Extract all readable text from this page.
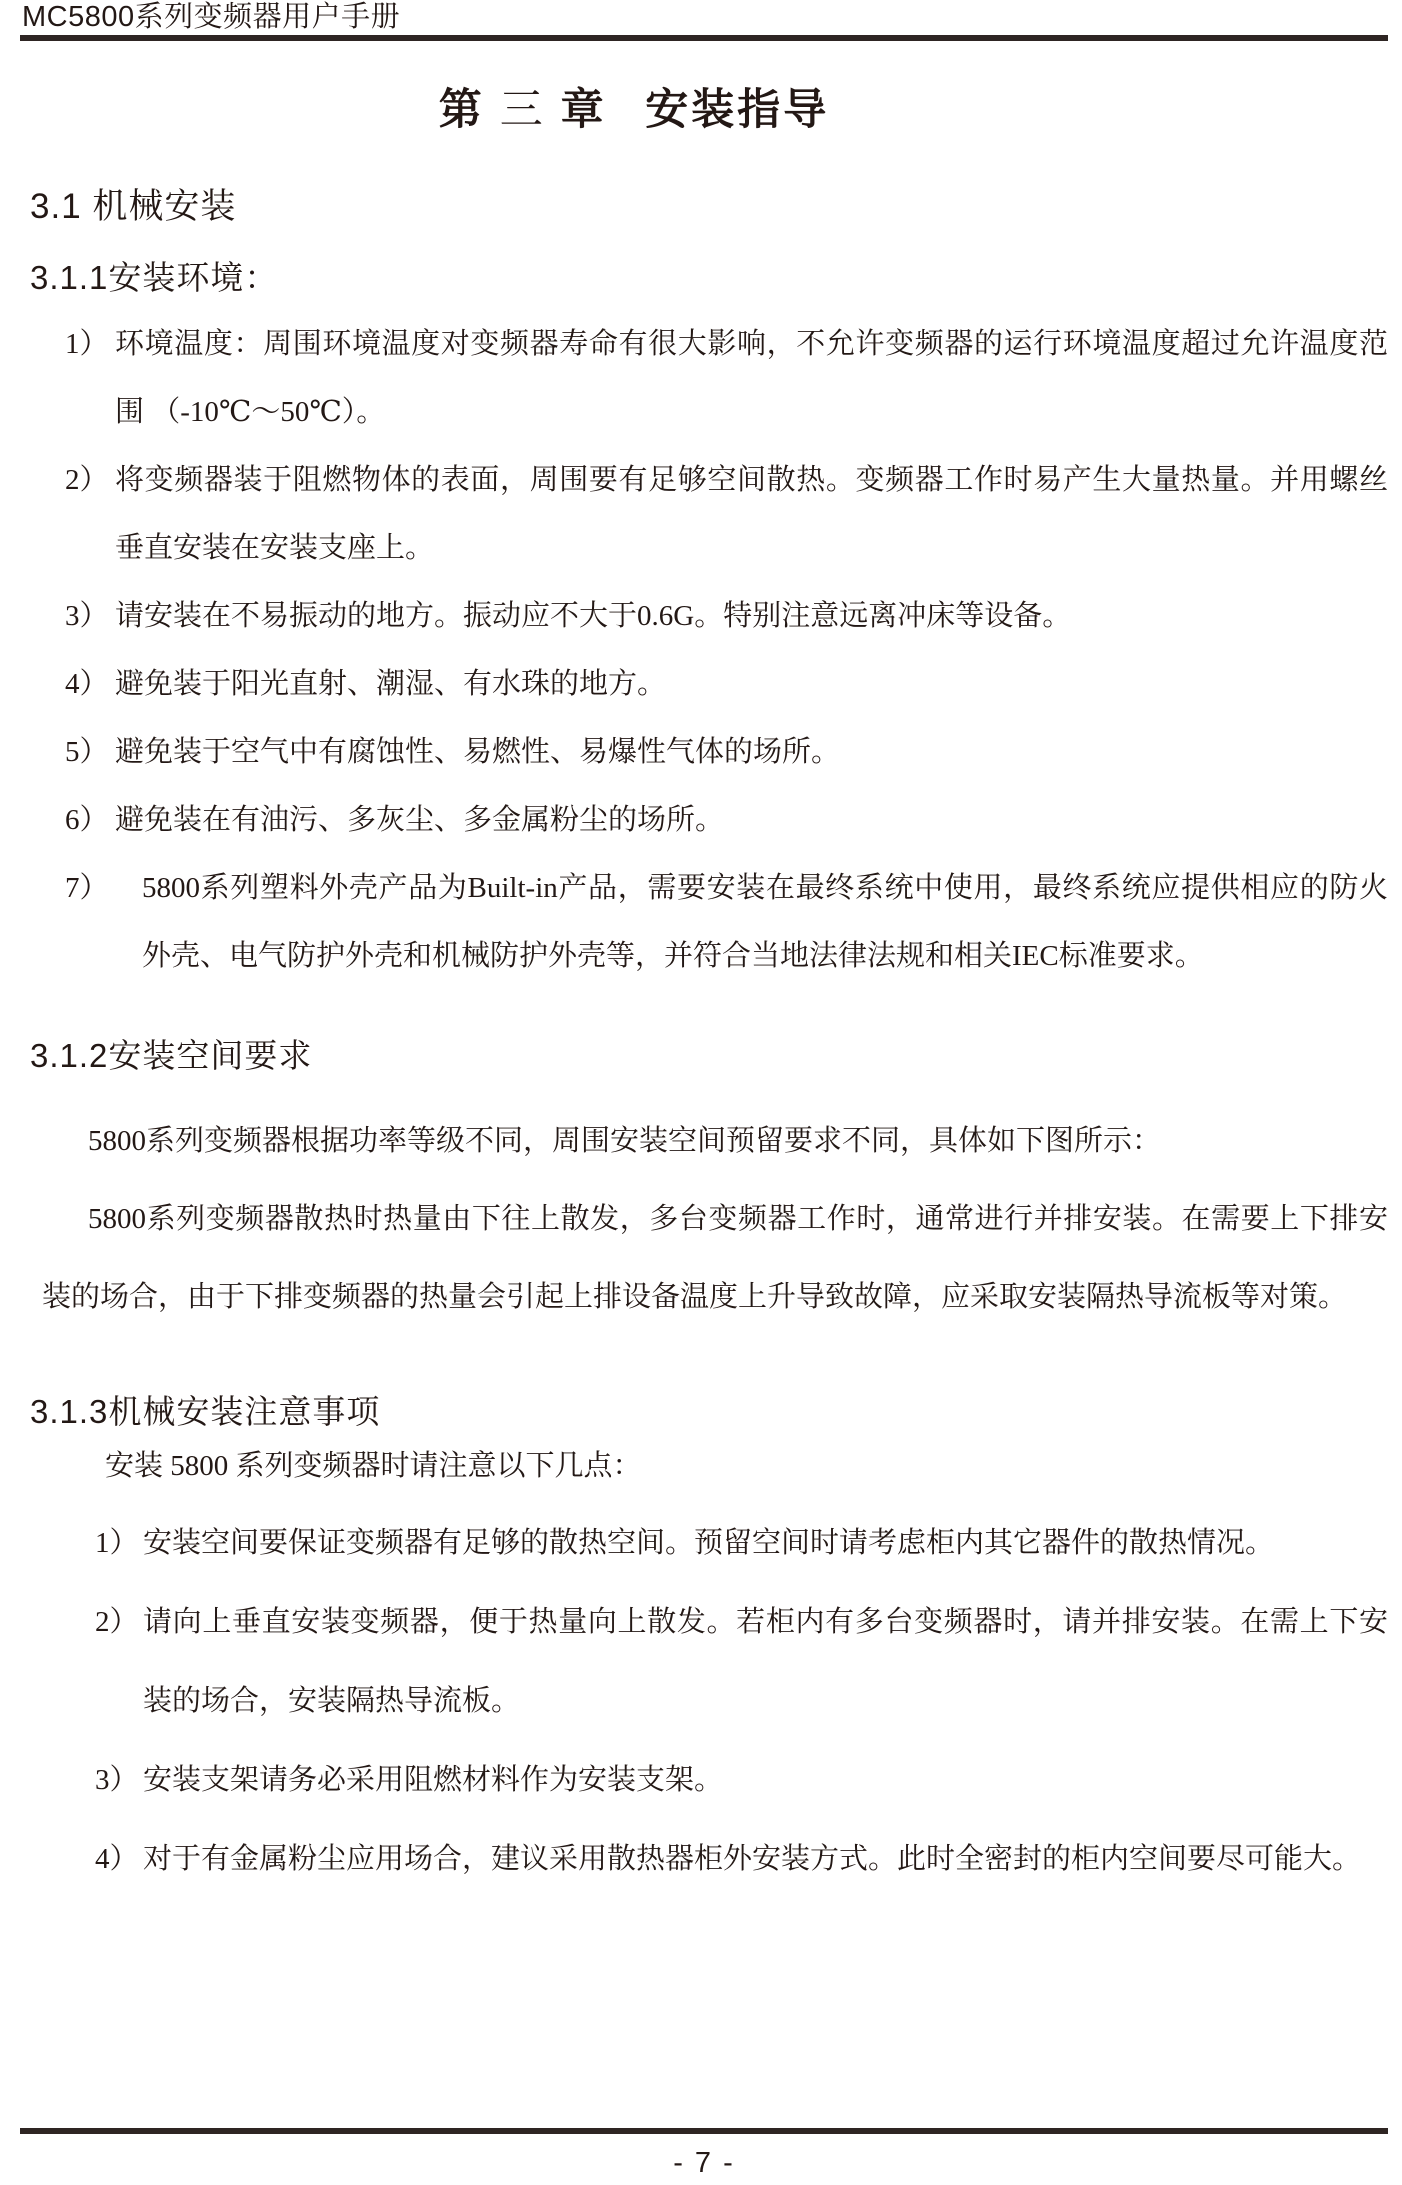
MC5800系列变频器用户手册
第 三 章 安装指导
3.1 机械安装
3.1.1安装环境：
1） 环境温度：周围环境温度对变频器寿命有很大影响，不允许变频器的运行环境温度超过允许温度范围 （-10℃～50℃）。
2） 将变频器装于阻燃物体的表面，周围要有足够空间散热。变频器工作时易产生大量热量。并用螺丝垂直安装在安装支座上。
3） 请安装在不易振动的地方。振动应不大于0.6G。特别注意远离冲床等设备。
4） 避免装于阳光直射、潮湿、有水珠的地方。
5） 避免装于空气中有腐蚀性、易燃性、易爆性气体的场所。
6） 避免装在有油污、多灰尘、多金属粉尘的场所。
7） 5800系列塑料外壳产品为Built-in产品，需要安装在最终系统中使用，最终系统应提供相应的防火外壳、电气防护外壳和机械防护外壳等，并符合当地法律法规和相关IEC标准要求。
3.1.2安装空间要求

5800系列变频器根据功率等级不同，周围安装空间预留要求不同，具体如下图所示：

5800系列变频器散热时热量由下往上散发，多台变频器工作时，通常进行并排安装。在需要上下排安装的场合，由于下排变频器的热量会引起上排设备温度上升导致故障，应采取安装隔热导流板等对策。

3.1.3机械安装注意事项

安装 5800 系列变频器时请注意以下几点：

1） 安装空间要保证变频器有足够的散热空间。预留空间时请考虑柜内其它器件的散热情况。
2） 请向上垂直安装变频器，便于热量向上散发。若柜内有多台变频器时，请并排安装。在需上下安装的场合，安装隔热导流板。
3） 安装支架请务必采用阻燃材料作为安装支架。
4） 对于有金属粉尘应用场合，建议采用散热器柜外安装方式。此时全密封的柜内空间要尽可能大。
- 7 -
